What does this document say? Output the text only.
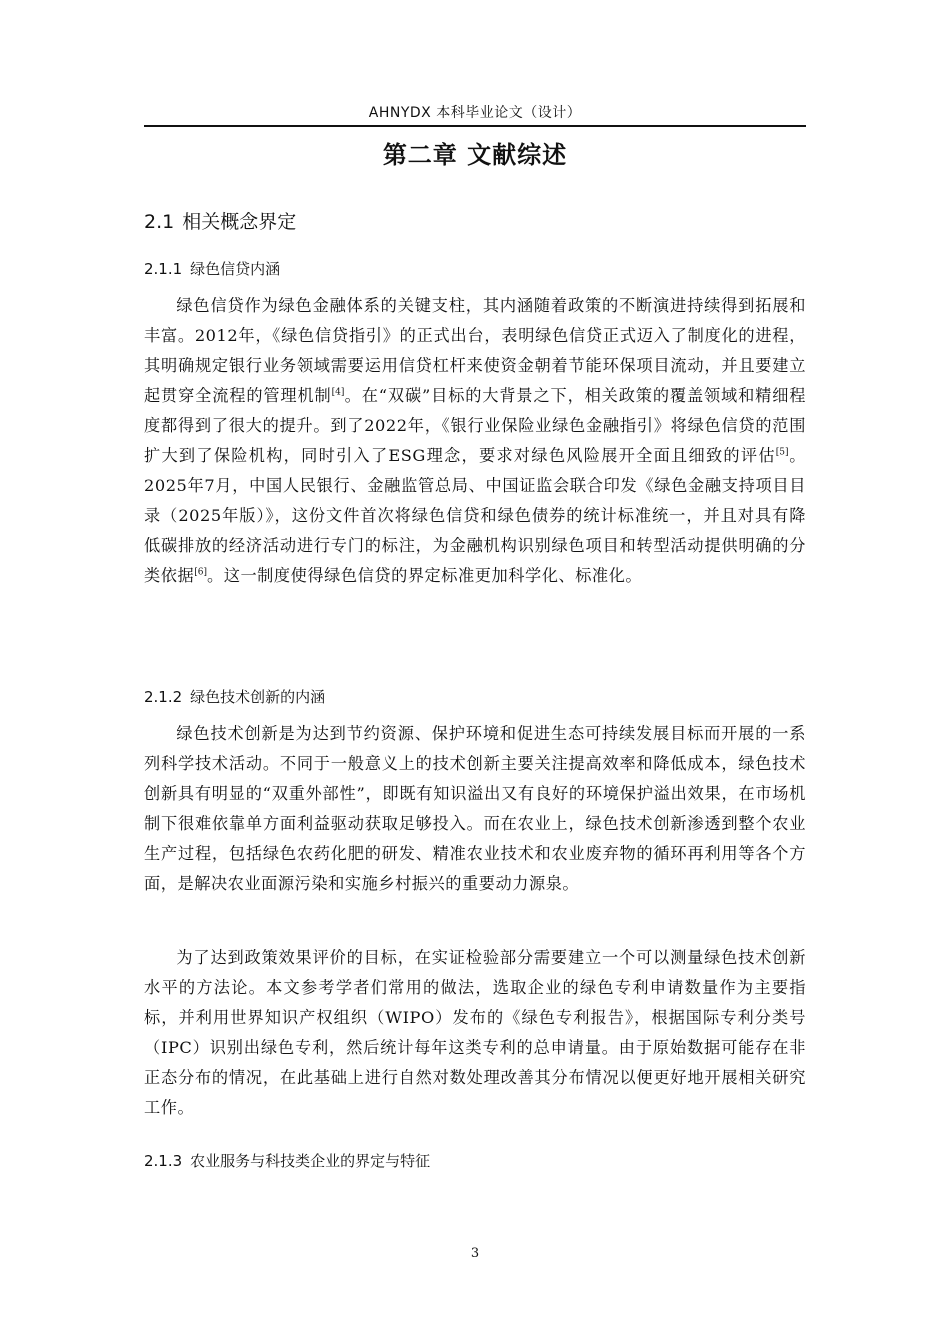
AHNYDX 本科毕业论文（设计）
第二章 文献综述
2.1 相关概念界定
2.1.1 绿色信贷内涵

绿色信贷作为绿色金融体系的关键支柱，其内涵随着政策的不断演进持续得到拓展和丰富。2012年，《绿色信贷指引》的正式出台，表明绿色信贷正式迈入了制度化的进程，其明确规定银行业务领域需要运用信贷杠杆来使资金朝着节能环保项目流动，并且要建立起贯穿全流程的管理机制[4]。在“双碳”目标的大背景之下，相关政策的覆盖领域和精细程度都得到了很大的提升。到了2022年，《银行业保险业绿色金融指引》将绿色信贷的范围扩大到了保险机构，同时引入了ESG理念，要求对绿色风险展开全面且细致的评估[5]。2025年7月，中国人民银行、金融监管总局、中国证监会联合印发《绿色金融支持项目目录（2025年版）》，这份文件首次将绿色信贷和绿色债券的统计标准统一，并且对具有降低碳排放的经济活动进行专门的标注，为金融机构识别绿色项目和转型活动提供明确的分类依据[6]。这一制度使得绿色信贷的界定标准更加科学化、标准化。

2.1.2 绿色技术创新的内涵

绿色技术创新是为达到节约资源、保护环境和促进生态可持续发展目标而开展的一系列科学技术活动。不同于一般意义上的技术创新主要关注提高效率和降低成本，绿色技术创新具有明显的“双重外部性”，即既有知识溢出又有良好的环境保护溢出效果，在市场机制下很难依靠单方面利益驱动获取足够投入。而在农业上，绿色技术创新渗透到整个农业生产过程，包括绿色农药化肥的研发、精准农业技术和农业废弃物的循环再利用等各个方面，是解决农业面源污染和实施乡村振兴的重要动力源泉。

为了达到政策效果评价的目标，在实证检验部分需要建立一个可以测量绿色技术创新水平的方法论。本文参考学者们常用的做法，选取企业的绿色专利申请数量作为主要指标，并利用世界知识产权组织（WIPO）发布的《绿色专利报告》，根据国际专利分类号（IPC）识别出绿色专利，然后统计每年这类专利的总申请量。由于原始数据可能存在非正态分布的情况，在此基础上进行自然对数处理改善其分布情况以便更好地开展相关研究工作。

2.1.3 农业服务与科技类企业的界定与特征
3
